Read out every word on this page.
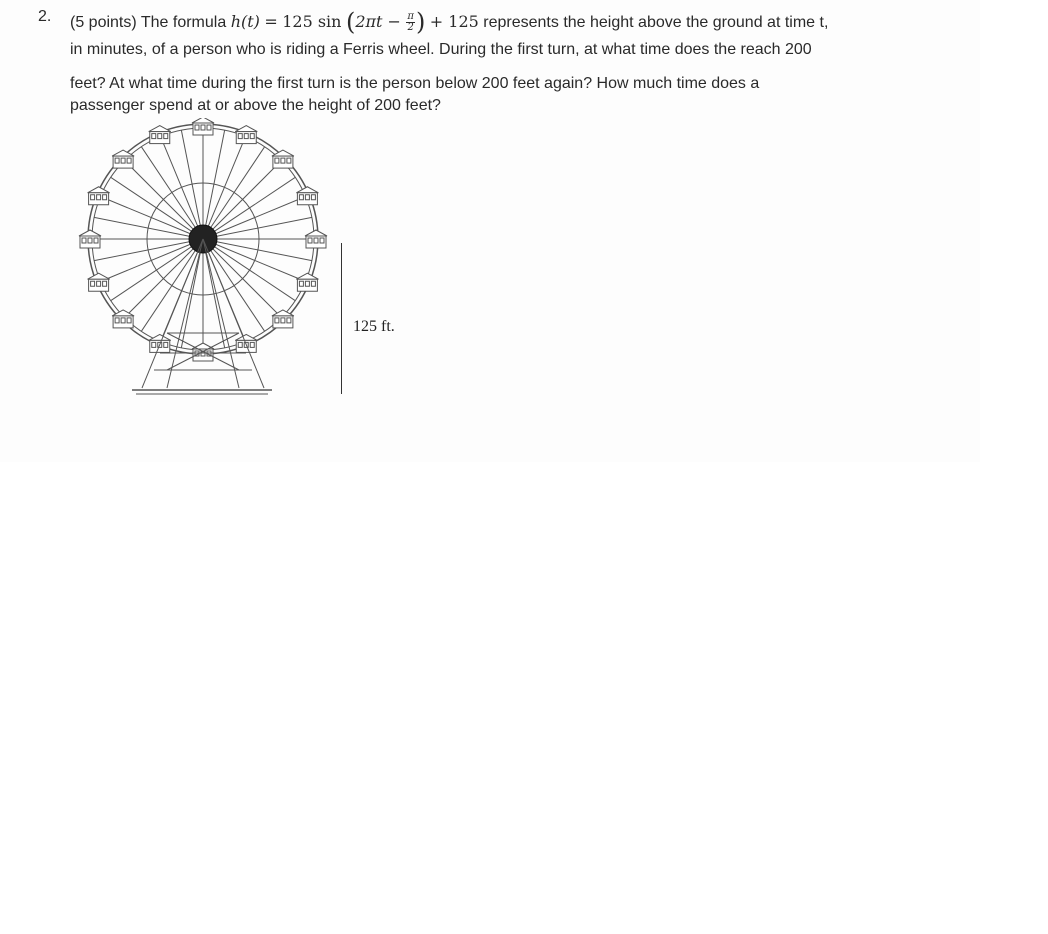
2. (5 points) The formula h(t) = 125 $\sin (2\pi t - \frac{\pi}{2}$ ) + 125 represents the height above the ground at time t,
in minutes, of a person who is riding a Ferris wheel. During the first turn, at what time does the reach 200
feet? At what time during the first turn is the person below 200 feet again? How much time does a
passenger spend at or above the height of 200 feet?
125 ft.
